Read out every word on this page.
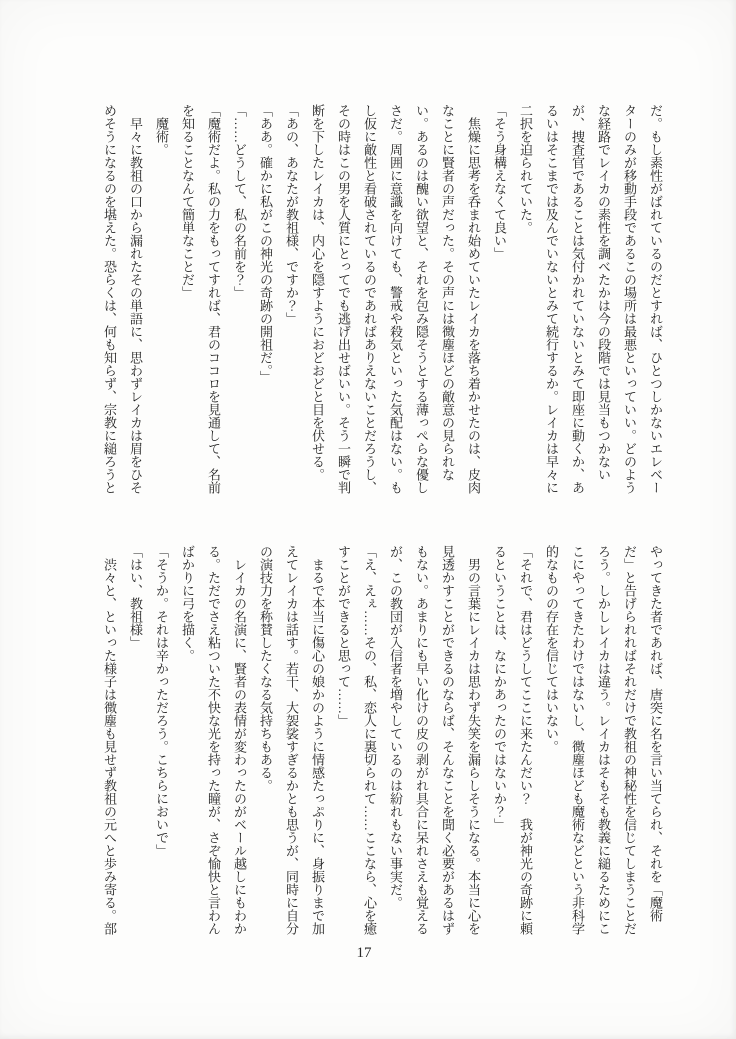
だ。もし素性がばれているのだとすれば、ひとつしかないエレベー

ターのみが移動手段であるこの場所は最悪といっていい。どのよう

な経路でレイカの素性を調べたかは今の段階では見当もつかない

が、捜査官であることは気付かれていないとみて即座に動くか、あ

るいはそこまでは及んでいないとみて続行するか。レイカは早々に

二択を迫られていた。

「そう身構えなくて良い」

　焦燥に思考を呑まれ始めていたレイカを落ち着かせたのは、皮肉

なことに賢者の声だった。その声には微塵ほどの敵意の見られな

い。あるのは醜い欲望と、それを包み隠そうとする薄っぺらな優し

さだ。周囲に意識を向けても、警戒や殺気といった気配はない。も

し仮に敵性と看破されているのであればありえないことだろうし、

その時はこの男を人質にとってでも逃げ出せばいい。そう一瞬で判

断を下したレイカは、内心を隠すようにおどおどと目を伏せる。

「あの、あなたが教祖様、ですか？」

「ああ。確かに私がこの神光の奇跡の開祖だ。」

「……どうして、私の名前を？」

「魔術だよ。私の力をもってすれば、君のココロを見通して、名前

を知ることなんて簡単なことだ」

　魔術。

　早々に教祖の口から漏れたその単語に、思わずレイカは眉をひそ

めそうになるのを堪えた。恐らくは、何も知らず、宗教に縋ろうと

やってきた者であれば、唐突に名を言い当てられ、それを「魔術

だ」と告げられればそれだけで教祖の神秘性を信じてしまうことだ

ろう。しかしレイカは違う。レイカはそもそも教義に縋るためにこ

こにやってきたわけではないし、微塵ほども魔術などという非科学

的なものの存在を信じてはいない。

「それで、君はどうしてここに来たんだい？　我が神光の奇跡に頼

るということは、なにかあったのではないか？」

　男の言葉にレイカは思わず失笑を漏らしそうになる。本当に心を

見透かすことができるのならば、そんなことを聞く必要があるはず

もない。あまりにも早い化けの皮の剥がれ具合に呆れさえも覚える

が、この教団が入信者を増やしているのは紛れもない事実だ。

「え、えぇ……その、私、恋人に裏切られて……ここなら、心を癒

すことができると思って……」

　まるで本当に傷心の娘かのように情感たっぷりに、身振りまで加

えてレイカは話す。若干、大袈裟すぎるかとも思うが、同時に自分

の演技力を称賛したくなる気持ちもある。

　レイカの名演に、賢者の表情が変わったのがベール越しにもわか

る。ただでさえ粘ついた不快な光を持った瞳が、さぞ愉快と言わん

ばかりに弓を描く。

「そうか。それは辛かっただろう。こちらにおいで」

「はい、教祖様」

　渋々と、といった様子は微塵も見せず教祖の元へと歩み寄る。部

17
